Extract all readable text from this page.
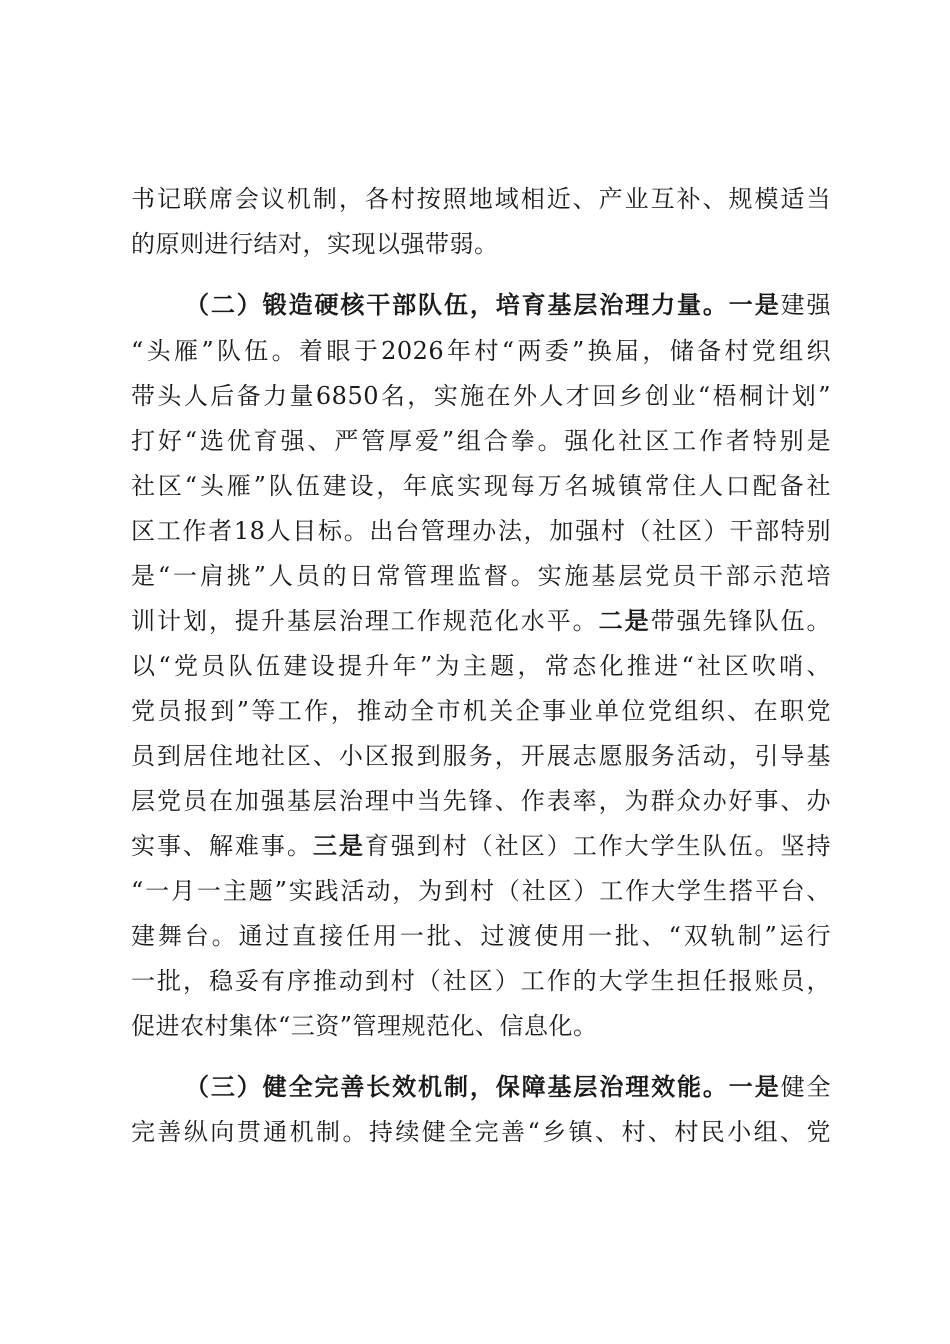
书记联席会议机制，各村按照地域相近、产业互补、规模适当
的原则进行结对，实现以强带弱。
（二）锻造硬核干部队伍，培育基层治理力量。一是建强
“头雁”队伍。着眼于2026年村“两委”换届，储备村党组织
带头人后备力量6850名，实施在外人才回乡创业“梧桐计划”
打好“选优育强、严管厚爱”组合拳。强化社区工作者特别是
社区“头雁”队伍建设，年底实现每万名城镇常住人口配备社
区工作者18人目标。出台管理办法，加强村（社区）干部特别
是“一肩挑”人员的日常管理监督。实施基层党员干部示范培
训计划，提升基层治理工作规范化水平。二是带强先锋队伍。
以“党员队伍建设提升年”为主题，常态化推进“社区吹哨、
党员报到”等工作，推动全市机关企事业单位党组织、在职党
员到居住地社区、小区报到服务，开展志愿服务活动，引导基
层党员在加强基层治理中当先锋、作表率，为群众办好事、办
实事、解难事。三是育强到村（社区）工作大学生队伍。坚持
“一月一主题”实践活动，为到村（社区）工作大学生搭平台、
建舞台。通过直接任用一批、过渡使用一批、“双轨制”运行
一批，稳妥有序推动到村（社区）工作的大学生担任报账员，
促进农村集体“三资”管理规范化、信息化。
（三）健全完善长效机制，保障基层治理效能。一是健全
完善纵向贯通机制。持续健全完善“乡镇、村、村民小组、党
